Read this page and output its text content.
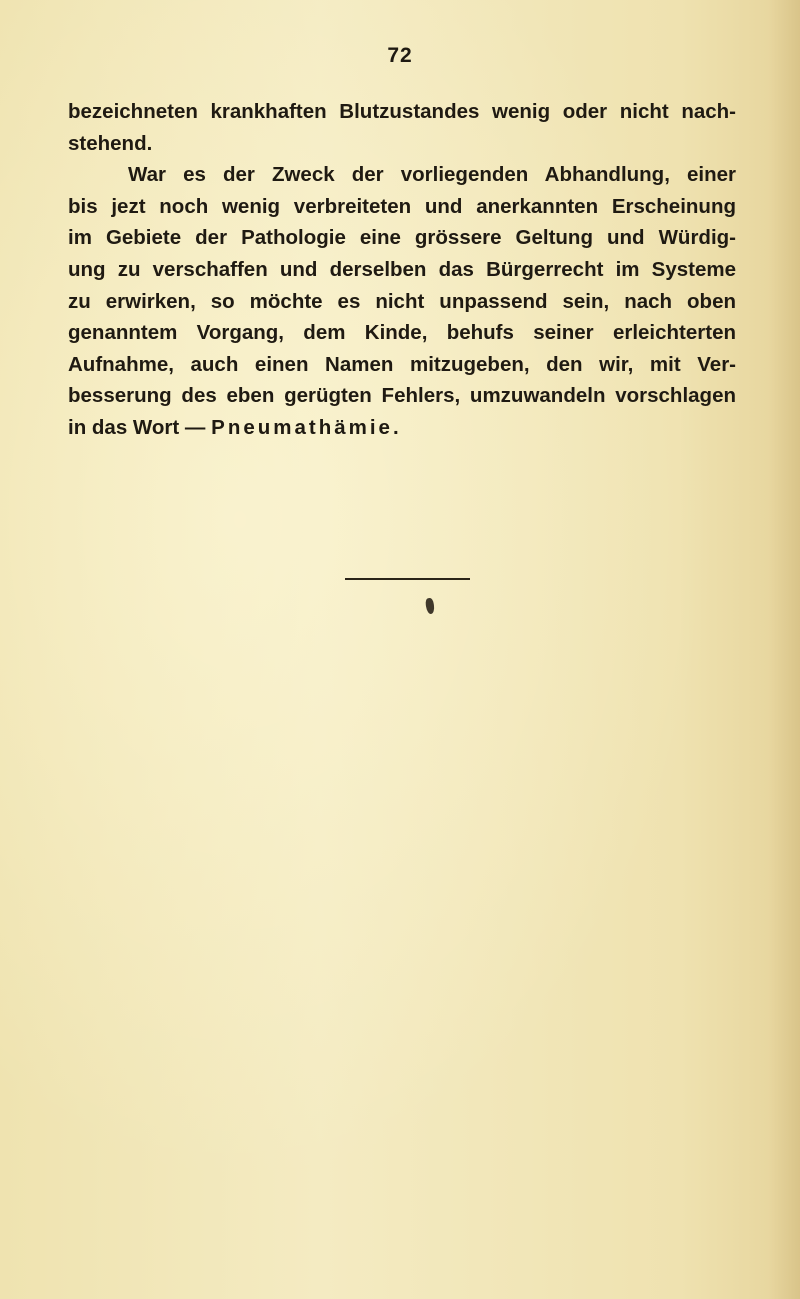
72
bezeichneten krankhaften Blutzustandes wenig oder nicht nach-
stehend.
War es der Zweck der vorliegenden Abhandlung, einer
bis jezt noch wenig verbreiteten und anerkannten Erscheinung
im Gebiete der Pathologie eine grössere Geltung und Würdig-
ung zu verschaffen und derselben das Bürgerrecht im Systeme
zu erwirken, so möchte es nicht unpassend sein, nach oben
genanntem Vorgang, dem Kinde, behufs seiner erleichterten
Aufnahme, auch einen Namen mitzugeben, den wir, mit Ver-
besserung des eben gerügten Fehlers, umzuwandeln vorschlagen
in das Wort — Pneumathämie.
